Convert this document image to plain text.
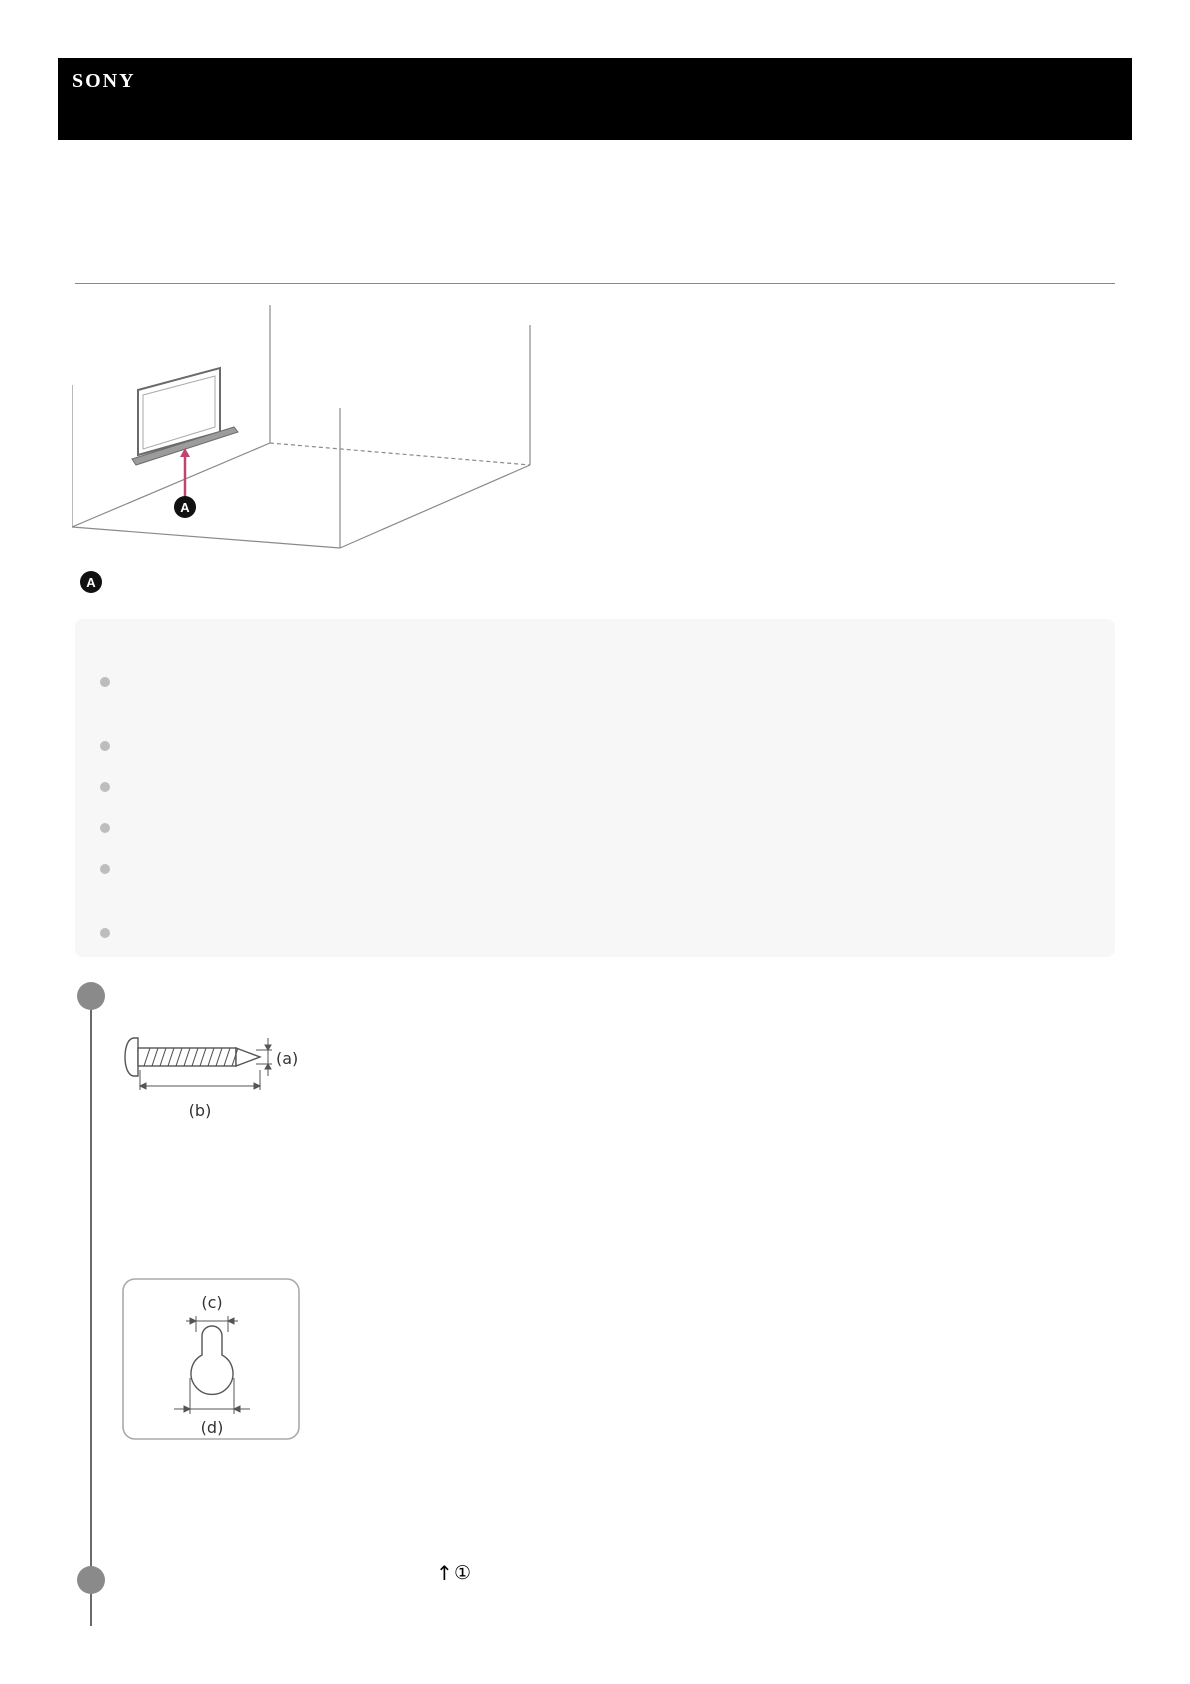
SONY
A
A
(a)
(b)
(c)
(d)
↑ ①
